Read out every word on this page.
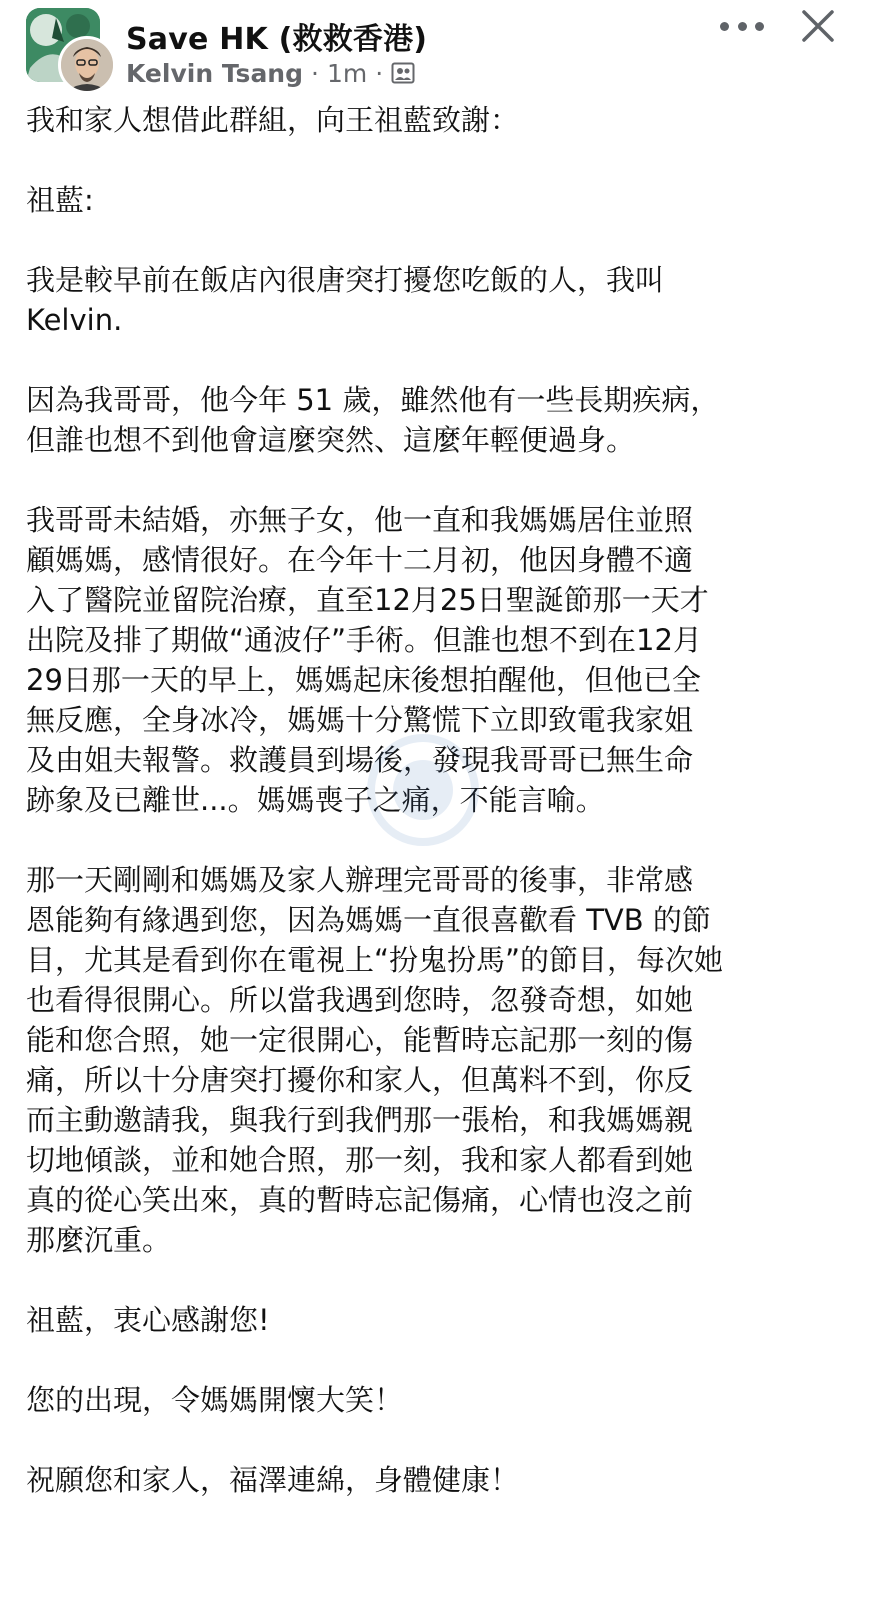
Save HK (救救香港)
Kelvin Tsang · 1m ·
我和家人想借此群組，向王祖藍致謝：
祖藍:
我是較早前在飯店內很唐突打擾您吃飯的人，我叫
Kelvin.
因為我哥哥，他今年 51 歲，雖然他有一些長期疾病，
但誰也想不到他會這麼突然、這麼年輕便過身。
我哥哥未結婚，亦無子女，他一直和我媽媽居住並照
顧媽媽，感情很好。在今年十二月初，他因身體不適
入了醫院並留院治療，直至12月25日聖誕節那一天才
出院及排了期做“通波仔”手術。但誰也想不到在12月
29日那一天的早上，媽媽起床後想拍醒他，但他已全
無反應，全身冰冷，媽媽十分驚慌下立即致電我家姐
及由姐夫報警。救護員到場後，發現我哥哥已無生命
跡象及已離世...。媽媽喪子之痛，不能言喻。
那一天剛剛和媽媽及家人辦理完哥哥的後事，非常感
恩能夠有緣遇到您，因為媽媽一直很喜歡看 TVB 的節
目，尤其是看到你在電視上“扮鬼扮馬”的節目，每次她
也看得很開心。所以當我遇到您時，忽發奇想，如她
能和您合照，她一定很開心，能暫時忘記那一刻的傷
痛，所以十分唐突打擾你和家人，但萬料不到，你反
而主動邀請我，與我行到我們那一張枱，和我媽媽親
切地傾談，並和她合照，那一刻，我和家人都看到她
真的從心笑出來，真的暫時忘記傷痛，心情也沒之前
那麼沉重。
祖藍，衷心感謝您!
您的出現，令媽媽開懷大笑！
祝願您和家人，福澤連綿，身體健康！
